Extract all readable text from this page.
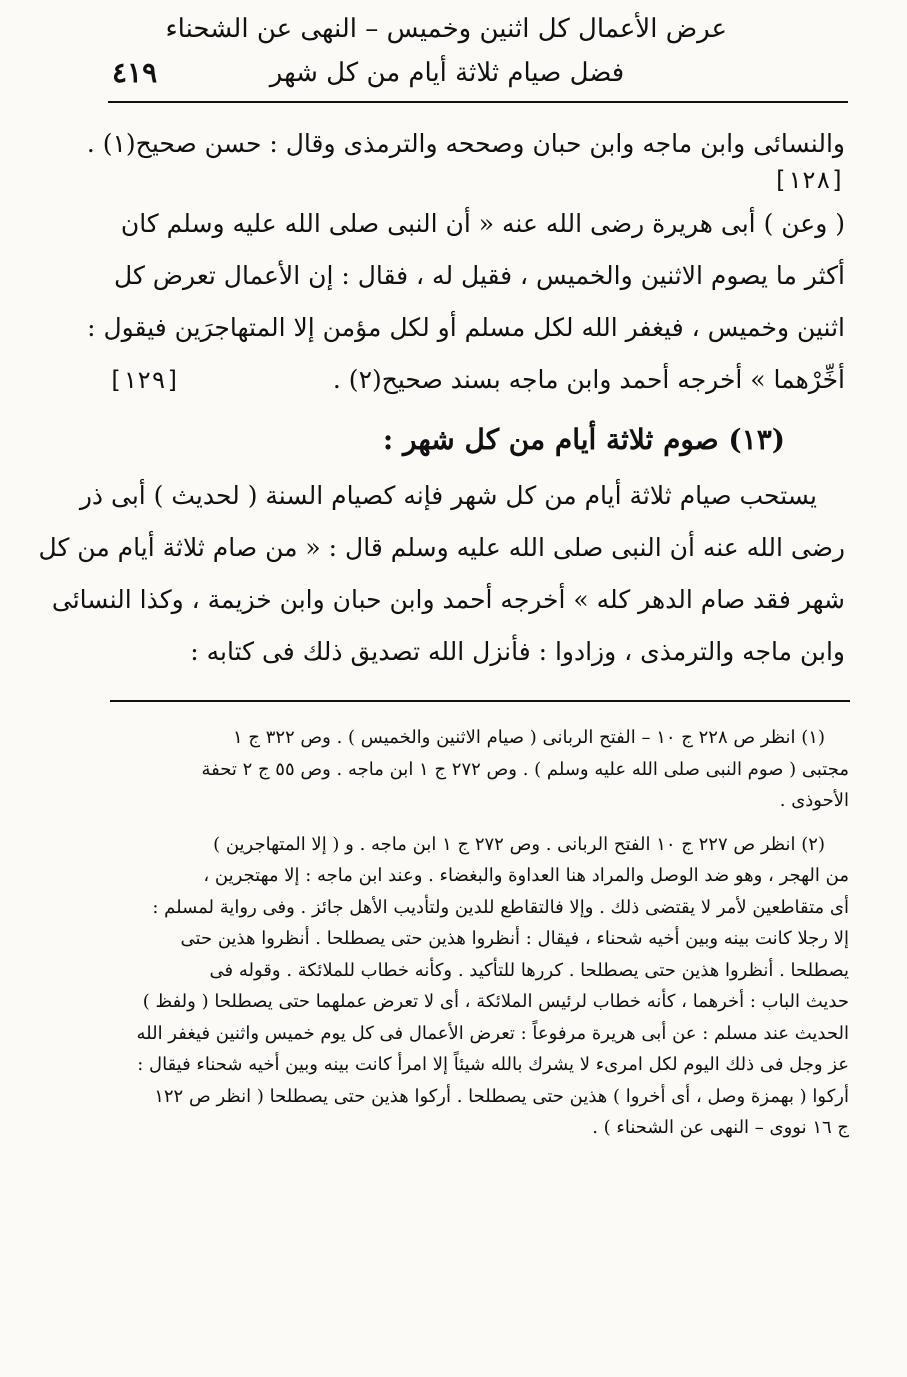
عرض الأعمال كل اثنين وخميس – النهى عن الشحناء
فضل صيام ثلاثة أيام من كل شهر
٤١٩
والنسائى وابن ماجه وابن حبان وصححه والترمذى وقال : حسن صحيح(١) .
[١٢٨]
( وعن ) أبى هريرة رضى الله عنه « أن النبى صلى الله عليه وسلم كان
أكثر ما يصوم الاثنين والخميس ، فقيل له ، فقال : إن الأعمال تعرض كل
اثنين وخميس ، فيغفر الله لكل مسلم أو لكل مؤمن إلا المتهاجرَين فيقول :
أخِّرْهما » أخرجه أحمد وابن ماجه بسند صحيح(٢) .
[١٢٩]
(١٣) صوم ثلاثة أيام من كل شهر :
يستحب صيام ثلاثة أيام من كل شهر فإنه كصيام السنة ( لحديث ) أبى ذر
رضى الله عنه أن النبى صلى الله عليه وسلم قال : « من صام ثلاثة أيام من كل
شهر فقد صام الدهر كله » أخرجه أحمد وابن حبان وابن خزيمة ، وكذا النسائى
وابن ماجه والترمذى ، وزادوا : فأنزل الله تصديق ذلك فى كتابه :
(١) انظر ص ٢٢٨ ج ١٠ – الفتح الربانى ( صيام الاثنين والخميس ) . وص ٣٢٢ ج ١
مجتبى ( صوم النبى صلى الله عليه وسلم ) . وص ٢٧٢ ج ١ ابن ماجه . وص ٥٥ ج ٢ تحفة
الأحوذى .
(٢) انظر ص ٢٢٧ ج ١٠ الفتح الربانى . وص ٢٧٢ ج ١ ابن ماجه . و ( إلا المتهاجرين )
من الهجر ، وهو ضد الوصل والمراد هنا العداوة والبغضاء . وعند ابن ماجه : إلا مهتجرين ،
أى متقاطعين لأمر لا يقتضى ذلك . وإلا فالتقاطع للدين ولتأديب الأهل جائز . وفى رواية لمسلم :
إلا رجلا كانت بينه وبين أخيه شحناء ، فيقال : أنظروا هذين حتى يصطلحا . أنظروا هذين حتى
يصطلحا . أنظروا هذين حتى يصطلحا . كررها للتأكيد . وكأنه خطاب للملائكة . وقوله فى
حديث الباب : أخرهما ، كأنه خطاب لرئيس الملائكة ، أى لا تعرض عملهما حتى يصطلحا ( ولفظ )
الحديث عند مسلم : عن أبى هريرة مرفوعاً : تعرض الأعمال فى كل يوم خميس واثنين فيغفر الله
عز وجل فى ذلك اليوم لكل امرىء لا يشرك بالله شيئاً إلا امرأ كانت بينه وبين أخيه شحناء فيقال :
أركوا ( بهمزة وصل ، أى أخروا ) هذين حتى يصطلحا . أركوا هذين حتى يصطلحا ( انظر ص ١٢٢
ج ١٦ نووى – النهى عن الشحناء ) .
